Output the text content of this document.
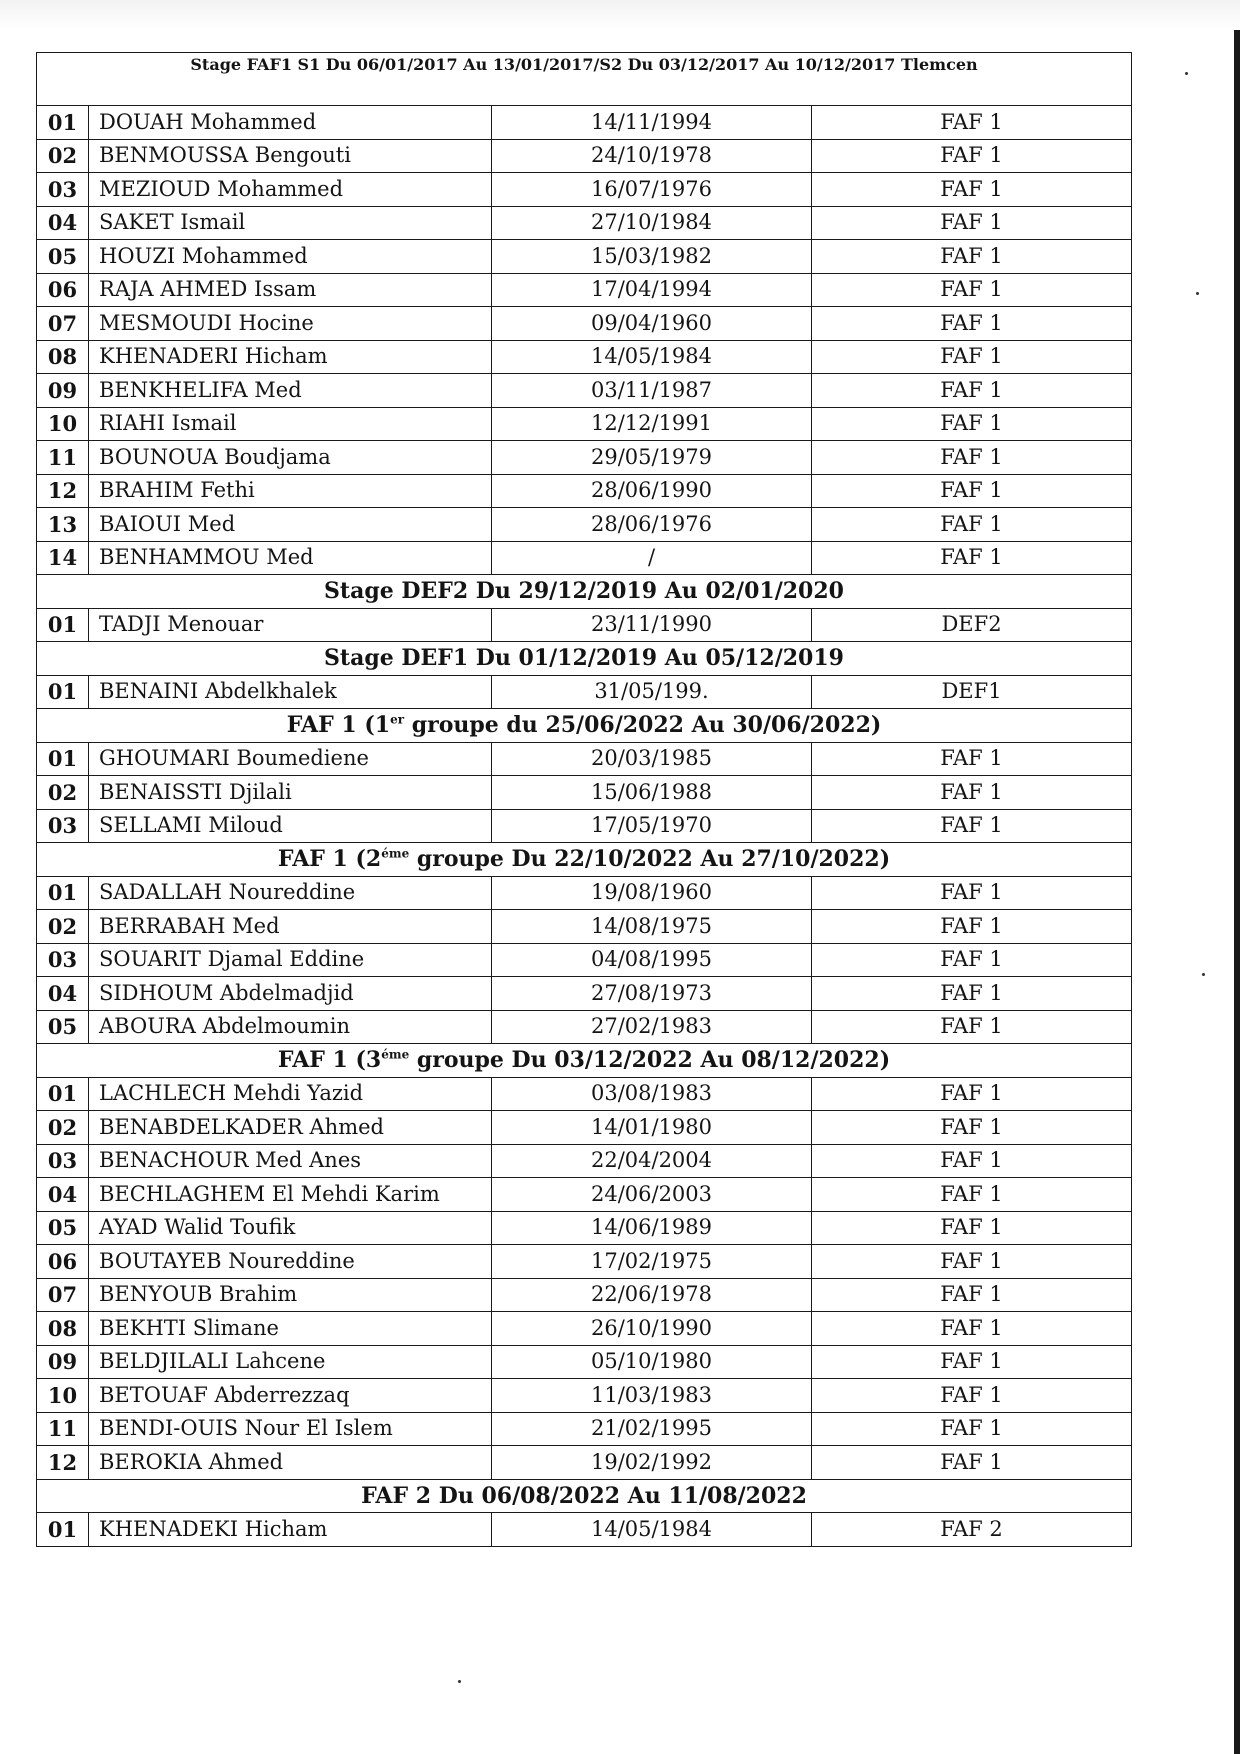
Stage FAF1 S1 Du 06/01/2017 Au 13/01/2017/S2 Du 03/12/2017 Au 10/12/2017 Tlemcen			
01	DOUAH Mohammed	14/11/1994	FAF 1
02	BENMOUSSA Bengouti	24/10/1978	FAF 1
03	MEZIOUD Mohammed	16/07/1976	FAF 1
04	SAKET Ismail	27/10/1984	FAF 1
05	HOUZI Mohammed	15/03/1982	FAF 1
06	RAJA AHMED Issam	17/04/1994	FAF 1
07	MESMOUDI Hocine	09/04/1960	FAF 1
08	KHENADERI Hicham	14/05/1984	FAF 1
09	BENKHELIFA Med	03/11/1987	FAF 1
10	RIAHI Ismail	12/12/1991	FAF 1
11	BOUNOUA Boudjama	29/05/1979	FAF 1
12	BRAHIM Fethi	28/06/1990	FAF 1
13	BAIOUI Med	28/06/1976	FAF 1
14	BENHAMMOU Med	/	FAF 1
Stage DEF2 Du 29/12/2019 Au 02/01/2020			
01	TADJI Menouar	23/11/1990	DEF2
Stage DEF1 Du 01/12/2019 Au 05/12/2019			
01	BENAINI Abdelkhalek	31/05/199.	DEF1
FAF 1 (1er groupe du 25/06/2022 Au 30/06/2022)			
01	GHOUMARI Boumediene	20/03/1985	FAF 1
02	BENAISSTI Djilali	15/06/1988	FAF 1
03	SELLAMI Miloud	17/05/1970	FAF 1
FAF 1 ($2^{éme}$ groupe Du 22/10/2022 Au 27/10/2022)			
01	SADALLAH Noureddine	19/08/1960	FAF 1
02	BERRABAH Med	14/08/1975	FAF 1
03	SOUARIT Djamal Eddine	04/08/1995	FAF 1
04	SIDHOUM Abdelmadjid	27/08/1973	FAF 1
05	ABOURA Abdelmoumin	27/02/1983	FAF 1
FAF 1 ($3^{éme}$ groupe Du 03/12/2022 Au 08/12/2022)			
01	LACHLECH Mehdi Yazid	03/08/1983	FAF 1
02	BENABDELKADER Ahmed	14/01/1980	FAF 1
03	BENACHOUR Med Anes	22/04/2004	FAF 1
04	BECHLAGHEM El Mehdi Karim	24/06/2003	FAF 1
05	AYAD Walid Toufik	14/06/1989	FAF 1
06	BOUTAYEB Noureddine	17/02/1975	FAF 1
07	BENYOUB Brahim	22/06/1978	FAF 1
08	BEKHTI Slimane	26/10/1990	FAF 1
09	BELDJILALI Lahcene	05/10/1980	FAF 1
10	BETOUAF Abderrezzaq	11/03/1983	FAF 1
11	BENDI-OUIS Nour El Islem	21/02/1995	FAF 1
12	BEROKIA Ahmed	19/02/1992	FAF 1
FAF 2 Du 06/08/2022 Au 11/08/2022			
01	KHENADEKI Hicham	14/05/1984	FAF 2
